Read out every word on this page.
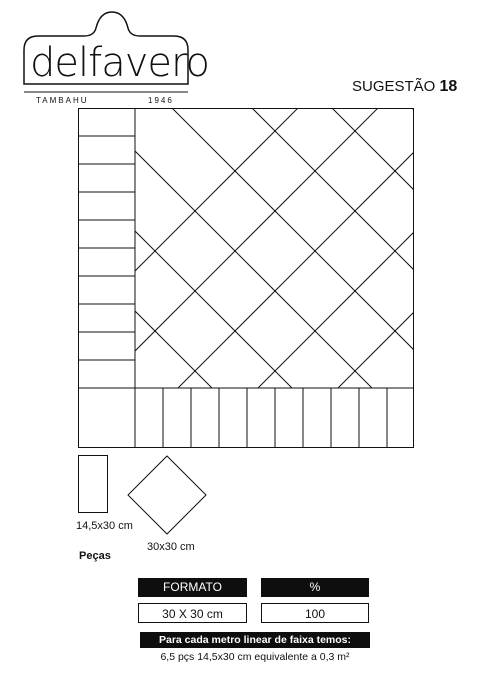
delfavero
TAMBAHU	1946
SUGESTÃO 18
14,5x30 cm
30x30 cm
Peças
FORMATO	%
30 X 30 cm	100
Para cada metro linear de faixa temos:
6,5 pçs 14,5x30 cm equivalente a 0,3 m²
